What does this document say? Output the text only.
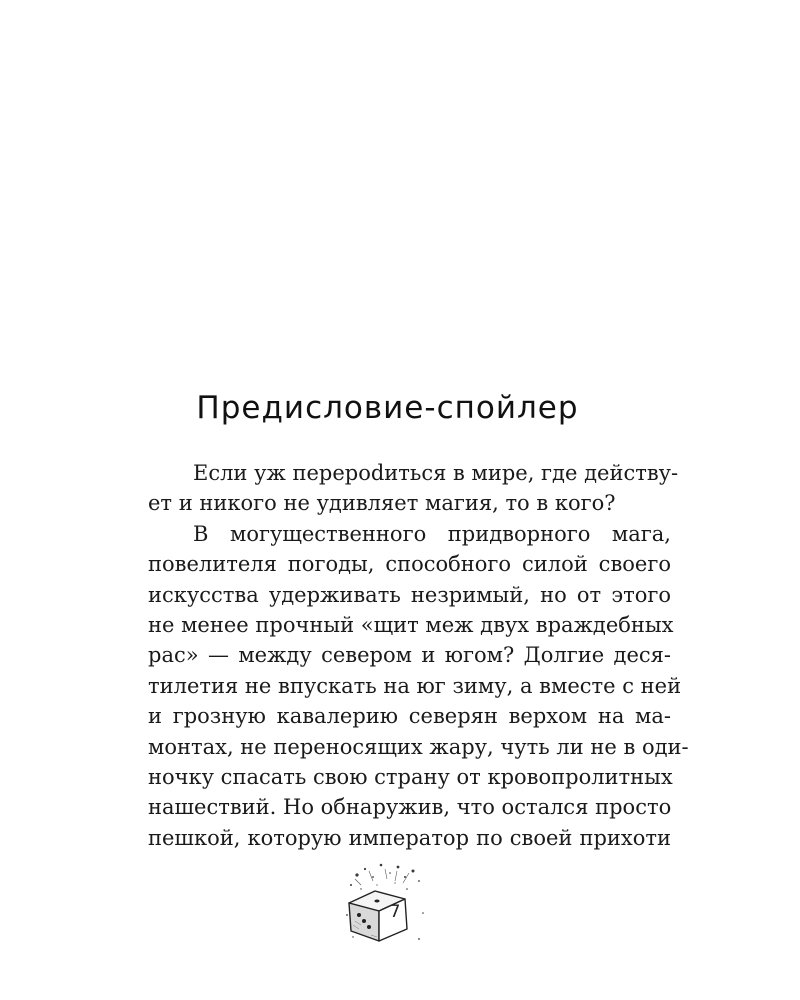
Предисловие-спойлер

Если уж перерodиться в мире, где действу-
ет и никого не удивляет магия, то в кого?

В могущественного придворного мага,
повелителя погоды, способного силой своего
искусства удерживать незримый, но от этого
не менее прочный «щит меж двух враждебных
рас» — между севером и югом? Долгие деся-
тилетия не впускать на юг зиму, а вместе с ней
и грозную кавалерию северян верхом на ма-
монтах, не переносящих жару, чуть ли не в оди-
ночку спасать свою страну от кровопролитных
нашествий. Но обнаружив, что остался просто
пешкой, которую император по своей прихоти

7
